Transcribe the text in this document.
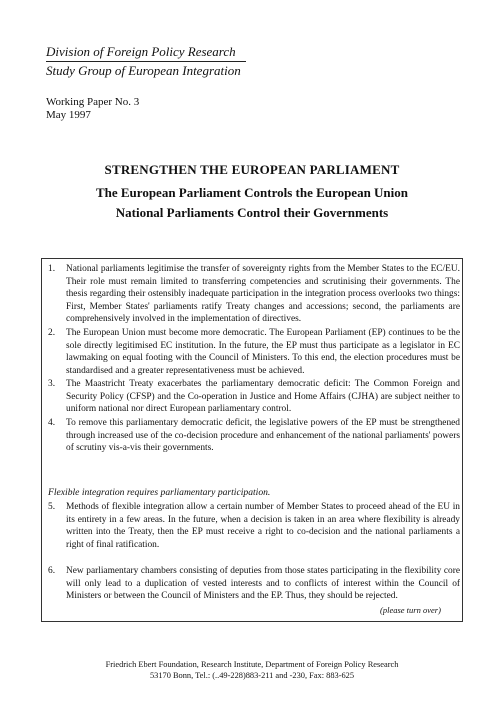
Division of Foreign Policy Research
Study Group of European Integration
Working Paper No. 3
May 1997
STRENGTHEN THE EUROPEAN PARLIAMENT
The European Parliament Controls the European Union
National Parliaments Control their Governments
1. National parliaments legitimise the transfer of sovereignty rights from the Member States to the EC/EU. Their role must remain limited to transferring competencies and scrutinising their governments. The thesis regarding their ostensibly inadequate participation in the integration process overlooks two things: First, Member States' parliaments ratify Treaty changes and accessions; second, the parliaments are comprehensively involved in the implementation of directives.
2. The European Union must become more democratic. The European Parliament (EP) continues to be the sole directly legitimised EC institution. In the future, the EP must thus participate as a legislator in EC lawmaking on equal footing with the Council of Ministers. To this end, the election procedures must be standardised and a greater representativeness must be achieved.
3. The Maastricht Treaty exacerbates the parliamentary democratic deficit: The Common Foreign and Security Policy (CFSP) and the Co-operation in Justice and Home Affairs (CJHA) are subject neither to uniform national nor direct European parliamentary control.
4. To remove this parliamentary democratic deficit, the legislative powers of the EP must be strengthened through increased use of the co-decision procedure and enhancement of the national parliaments' powers of scrutiny vis-a-vis their governments.
Flexible integration requires parliamentary participation.
5. Methods of flexible integration allow a certain number of Member States to proceed ahead of the EU in its entirety in a few areas. In the future, when a decision is taken in an area where flexibility is already written into the Treaty, then the EP must receive a right to co-decision and the national parliaments a right of final ratification.
6. New parliamentary chambers consisting of deputies from those states participating in the flexibility core will only lead to a duplication of vested interests and to conflicts of interest within the Council of Ministers or between the Council of Ministers and the EP. Thus, they should be rejected.
(please turn over)
Friedrich Ebert Foundation, Research Institute, Department of Foreign Policy Research
53170 Bonn, Tel.: (..49-228)883-211 and -230, Fax: 883-625
